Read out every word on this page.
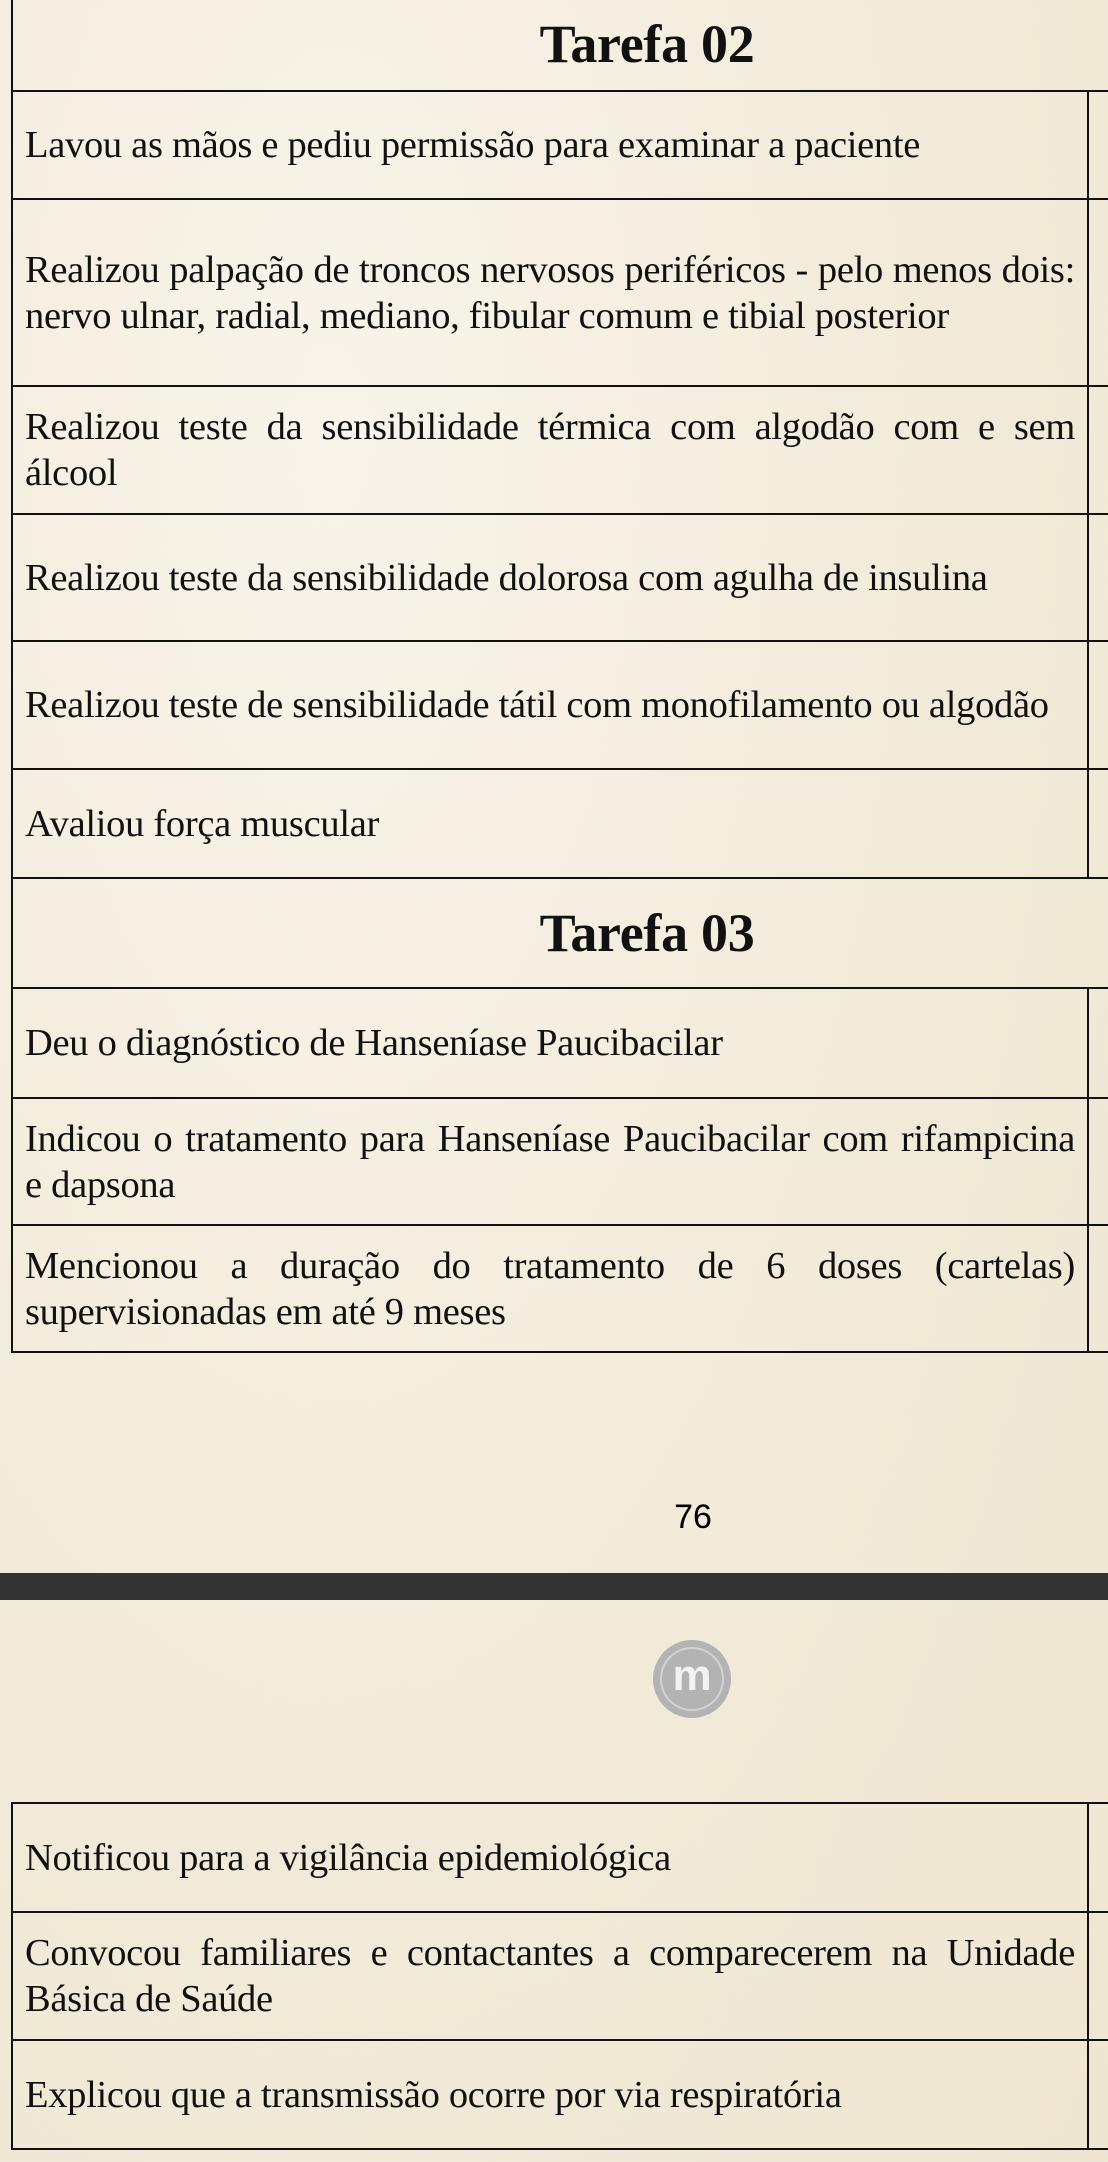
Tarefa 02
Lavou as mãos e pediu permissão para examinar a paciente
Realizou palpação de troncos nervosos periféricos - pelo menos dois: nervo ulnar, radial, mediano, fibular comum e tibial posterior
Realizou teste da sensibilidade térmica com algodão com e sem álcool
Realizou teste da sensibilidade dolorosa com agulha de insulina
Realizou teste de sensibilidade tátil com monofilamento ou algodão
Avaliou força muscular
Tarefa 03
Deu o diagnóstico de Hanseníase Paucibacilar
Indicou o tratamento para Hanseníase Paucibacilar com rifampicina e dapsona
Mencionou a duração do tratamento de 6 doses (cartelas) supervisionadas em até 9 meses
76
m
Notificou para a vigilância epidemiológica
Convocou familiares e contactantes a comparecerem na Unidade Básica de Saúde
Explicou que a transmissão ocorre por via respiratória
